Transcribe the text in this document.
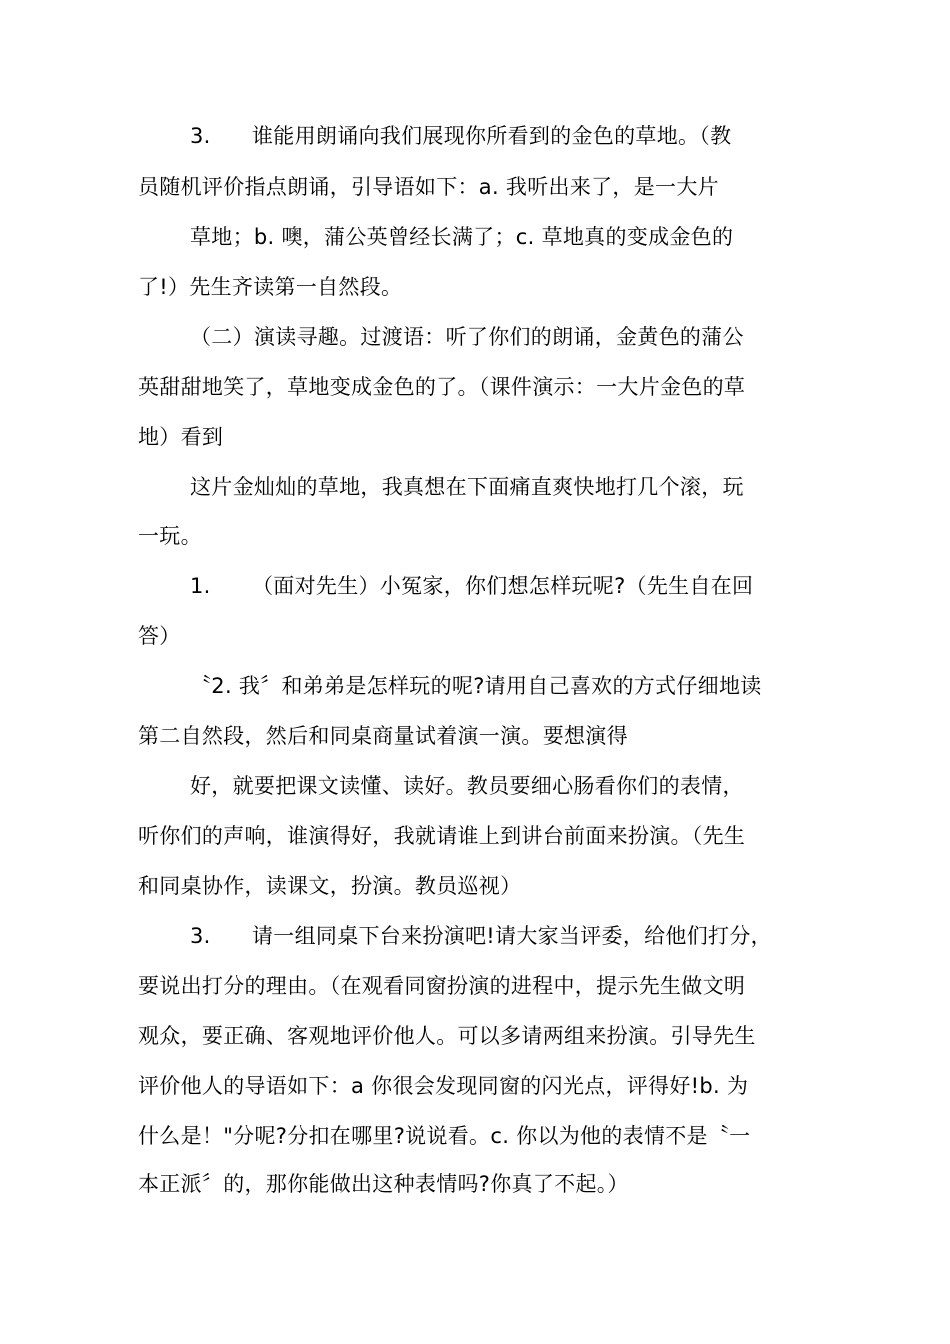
3. 谁能用朗诵向我们展现你所看到的金色的草地。（教

员随机评价指点朗诵，引导语如下：a. 我听出来了，是一大片

草地；b. 噢，蒲公英曾经长满了；c. 草地真的变成金色的

了!）先生齐读第一自然段。

（二）演读寻趣。过渡语：听了你们的朗诵，金黄色的蒲公

英甜甜地笑了，草地变成金色的了。（课件演示：一大片金色的草

地）看到

这片金灿灿的草地，我真想在下面痛直爽快地打几个滚，玩

一玩。

1. （面对先生）小冤家，你们想怎样玩呢?（先生自在回

答）

〝2. 我〞和弟弟是怎样玩的呢?请用自己喜欢的方式仔细地读

第二自然段，然后和同桌商量试着演一演。要想演得

好，就要把课文读懂、读好。教员要细心肠看你们的表情，

听你们的声响，谁演得好，我就请谁上到讲台前面来扮演。（先生

和同桌协作，读课文，扮演。教员巡视）

3. 请一组同桌下台来扮演吧!请大家当评委，给他们打分，

要说出打分的理由。（在观看同窗扮演的进程中，提示先生做文明

观众，要正确、客观地评价他人。可以多请两组来扮演。引导先生

评价他人的导语如下：a 你很会发现同窗的闪光点，评得好!b. 为

什么是！"分呢?分扣在哪里?说说看。c. 你以为他的表情不是〝一

本正派〞的，那你能做出这种表情吗?你真了不起。）
